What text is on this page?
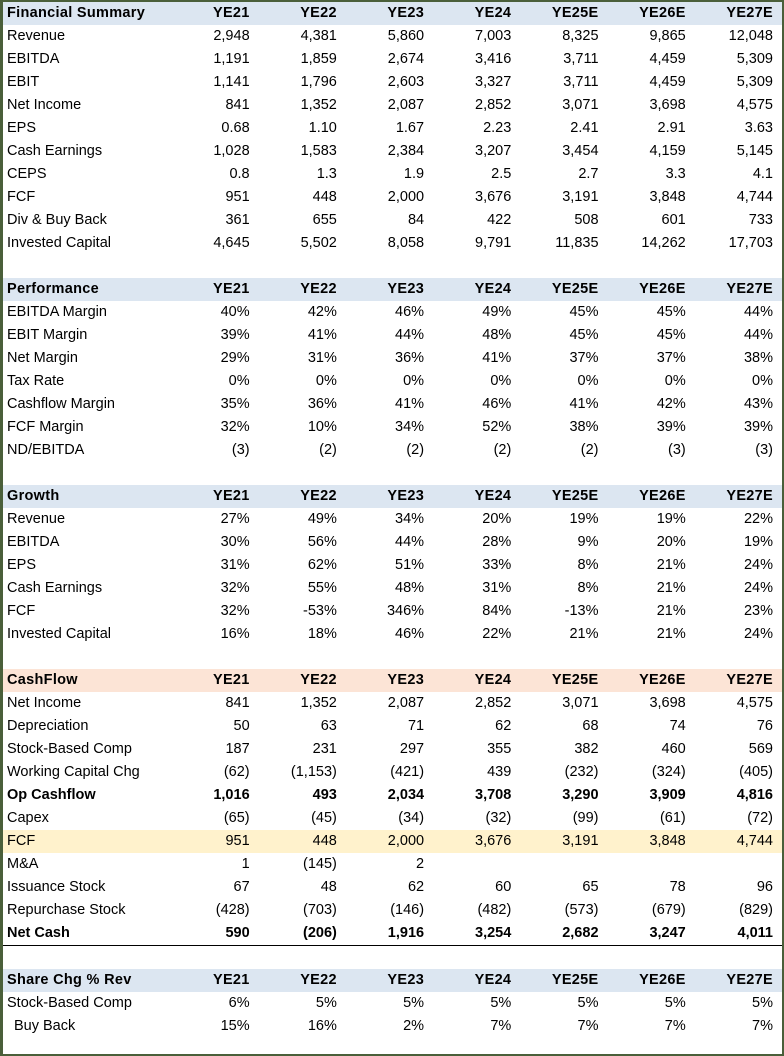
Financial Summary	YE21	YE22	YE23	YE24	YE25E	YE26E	YE27E
Revenue	2,948	4,381	5,860	7,003	8,325	9,865	12,048
EBITDA	1,191	1,859	2,674	3,416	3,711	4,459	5,309
EBIT	1,141	1,796	2,603	3,327	3,711	4,459	5,309
Net Income	841	1,352	2,087	2,852	3,071	3,698	4,575
EPS	0.68	1.10	1.67	2.23	2.41	2.91	3.63
Cash Earnings	1,028	1,583	2,384	3,207	3,454	4,159	5,145
CEPS	0.8	1.3	1.9	2.5	2.7	3.3	4.1
FCF	951	448	2,000	3,676	3,191	3,848	4,744
Div & Buy Back	361	655	84	422	508	601	733
Invested Capital	4,645	5,502	8,058	9,791	11,835	14,262	17,703

Performance	YE21	YE22	YE23	YE24	YE25E	YE26E	YE27E
EBITDA Margin	40%	42%	46%	49%	45%	45%	44%
EBIT Margin	39%	41%	44%	48%	45%	45%	44%
Net Margin	29%	31%	36%	41%	37%	37%	38%
Tax Rate	0%	0%	0%	0%	0%	0%	0%
Cashflow Margin	35%	36%	41%	46%	41%	42%	43%
FCF Margin	32%	10%	34%	52%	38%	39%	39%
ND/EBITDA	(3)	(2)	(2)	(2)	(2)	(3)	(3)

Growth	YE21	YE22	YE23	YE24	YE25E	YE26E	YE27E
Revenue	27%	49%	34%	20%	19%	19%	22%
EBITDA	30%	56%	44%	28%	9%	20%	19%
EPS	31%	62%	51%	33%	8%	21%	24%
Cash Earnings	32%	55%	48%	31%	8%	21%	24%
FCF	32%	-53%	346%	84%	-13%	21%	23%
Invested Capital	16%	18%	46%	22%	21%	21%	24%

CashFlow	YE21	YE22	YE23	YE24	YE25E	YE26E	YE27E
Net Income	841	1,352	2,087	2,852	3,071	3,698	4,575
Depreciation	50	63	71	62	68	74	76
Stock-Based Comp	187	231	297	355	382	460	569
Working Capital Chg	(62)	(1,153)	(421)	439	(232)	(324)	(405)
Op Cashflow	1,016	493	2,034	3,708	3,290	3,909	4,816
Capex	(65)	(45)	(34)	(32)	(99)	(61)	(72)
FCF	951	448	2,000	3,676	3,191	3,848	4,744
M&A	1	(145)	2				
Issuance Stock	67	48	62	60	65	78	96
Repurchase Stock	(428)	(703)	(146)	(482)	(573)	(679)	(829)
Net Cash	590	(206)	1,916	3,254	2,682	3,247	4,011

Share Chg % Rev	YE21	YE22	YE23	YE24	YE25E	YE26E	YE27E
Stock-Based Comp	6%	5%	5%	5%	5%	5%	5%
Buy Back	15%	16%	2%	7%	7%	7%	7%
